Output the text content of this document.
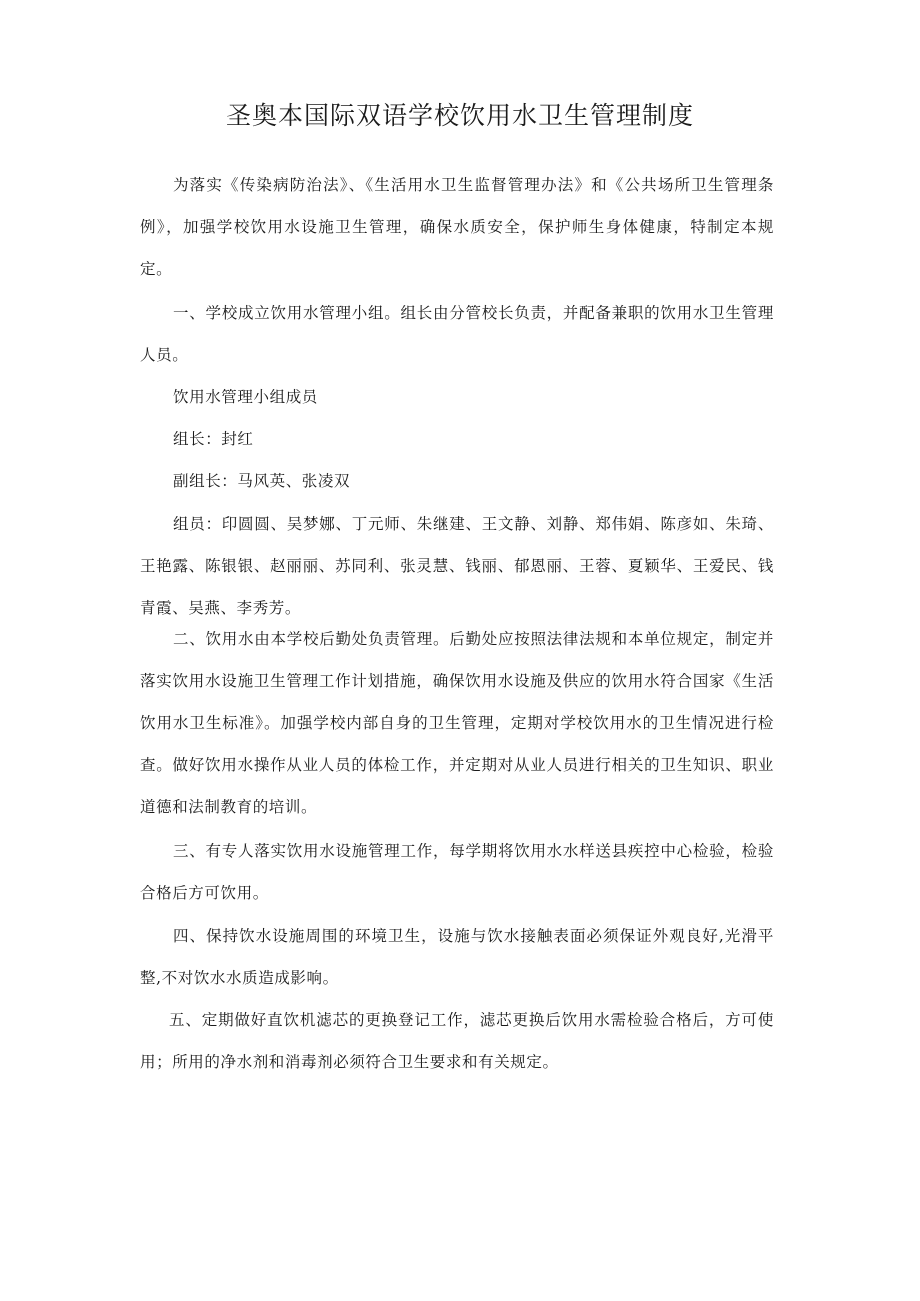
圣奥本国际双语学校饮用水卫生管理制度

为落实《传染病防治法》、《生活用水卫生监督管理办法》和《公共场所卫生管理条例》，加强学校饮用水设施卫生管理，确保水质安全，保护师生身体健康，特制定本规定。

一、学校成立饮用水管理小组。组长由分管校长负责，并配备兼职的饮用水卫生管理人员。

饮用水管理小组成员

组长：封红

副组长：马风英、张凌双

组员：印圆圆、吴梦娜、丁元师、朱继建、王文静、刘静、郑伟娟、陈彦如、朱琦、王艳露、陈银银、赵丽丽、苏同利、张灵慧、钱丽、郁恩丽、王蓉、夏颖华、王爱民、钱青霞、吴燕、李秀芳。

二、饮用水由本学校后勤处负责管理。后勤处应按照法律法规和本单位规定，制定并落实饮用水设施卫生管理工作计划措施，确保饮用水设施及供应的饮用水符合国家《生活饮用水卫生标准》。加强学校内部自身的卫生管理，定期对学校饮用水的卫生情况进行检查。做好饮用水操作从业人员的体检工作，并定期对从业人员进行相关的卫生知识、职业道德和法制教育的培训。

三、有专人落实饮用水设施管理工作，每学期将饮用水水样送县疾控中心检验，检验合格后方可饮用。

四、保持饮水设施周围的环境卫生，设施与饮水接触表面必须保证外观良好,光滑平整,不对饮水水质造成影响。

五、定期做好直饮机滤芯的更换登记工作，滤芯更换后饮用水需检验合格后，方可使用；所用的净水剂和消毒剂必须符合卫生要求和有关规定。
